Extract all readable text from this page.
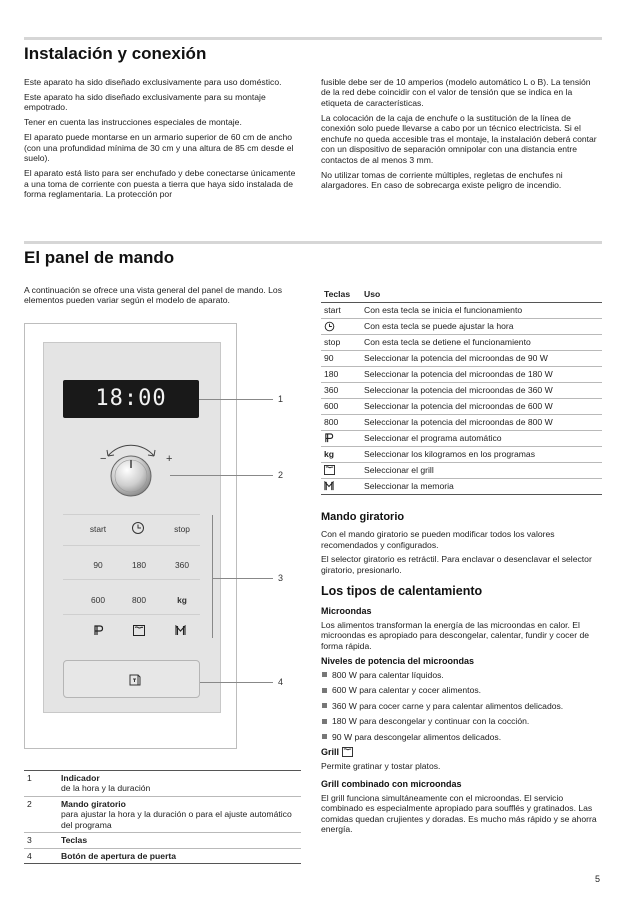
Instalación y conexión

Este aparato ha sido diseñado exclusivamente para uso doméstico.

Este aparato ha sido diseñado exclusivamente para su montaje empotrado.

Tener en cuenta las instrucciones especiales de montaje.

El aparato puede montarse en un armario superior de 60 cm de ancho (con una profundidad mínima de 30 cm y una altura de 85 cm desde el suelo).

El aparato está listo para ser enchufado y debe conectarse únicamente a una toma de corriente con puesta a tierra que haya sido instalada de forma reglamentaria. La protección por

fusible debe ser de 10 amperios (modelo automático L o B). La tensión de la red debe coincidir con el valor de tensión que se indica en la etiqueta de características.

La colocación de la caja de enchufe o la sustitución de la línea de conexión solo puede llevarse a cabo por un técnico electricista. Si el enchufe no queda accesible tras el montaje, la instalación deberá contar con un dispositivo de separación omnipolar con una distancia entre contactos de al menos 3 mm.

No utilizar tomas de corriente múltiples, regletas de enchufes ni alargadores. En caso de sobrecarga existe peligro de incendio.

El panel de mando

A continuación se ofrece una vista general del panel de mando. Los elementos pueden variar según el modelo de aparato.

18:00
−	+
start	stop
90	180	360
600	800	kg
1
2
3
4
1	Indicador
de la hora y la duración

2	Mando giratorio
para ajustar la hora y la duración o para el ajuste automático del programa

3	Teclas

4	Botón de apertura de puerta
Teclas	Uso
start	Con esta tecla se inicia el funcionamiento
	Con esta tecla se puede ajustar la hora
stop	Con esta tecla se detiene el funcionamiento
90	Seleccionar la potencia del microondas de 90 W
180	Seleccionar la potencia del microondas de 180 W
360	Seleccionar la potencia del microondas de 360 W
600	Seleccionar la potencia del microondas de 600 W
800	Seleccionar la potencia del microondas de 800 W
	Seleccionar el programa automático
kg	Seleccionar los kilogramos en los programas
	Seleccionar el grill
	Seleccionar la memoria
Mando giratorio

Con el mando giratorio se pueden modificar todos los valores recomendados y configurados.

El selector giratorio es retráctil. Para enclavar o desenclavar el selector giratorio, presionarlo.

Los tipos de calentamiento
Microondas

Los alimentos transforman la energía de las microondas en calor. El microondas es apropiado para descongelar, calentar, fundir y cocer de forma rápida.

Niveles de potencia del microondas
800 W para calentar líquidos.
600 W para calentar y cocer alimentos.
360 W para cocer carne y para calentar alimentos delicados.
180 W para descongelar y continuar con la cocción.
90 W para descongelar alimentos delicados.
Grill

Permite gratinar y tostar platos.

Grill combinado con microondas

El grill funciona simultáneamente con el microondas. El servicio combinado es especialmente apropiado para soufflés y gratinados. Las comidas quedan crujientes y doradas. Es mucho más rápido y se ahorra energía.

5
